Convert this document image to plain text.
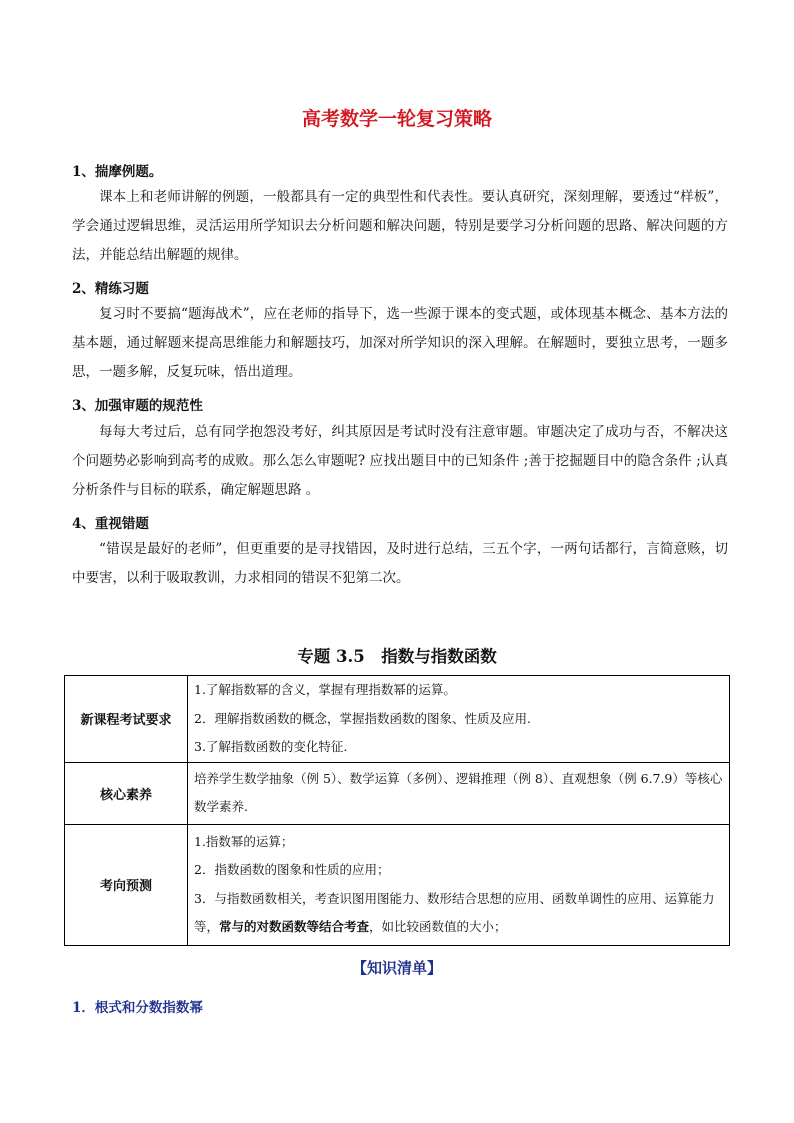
高考数学一轮复习策略
1、揣摩例题。
课本上和老师讲解的例题，一般都具有一定的典型性和代表性。要认真研究，深刻理解，要透过“样板”，学会通过逻辑思维，灵活运用所学知识去分析问题和解决问题，特别是要学习分析问题的思路、解决问题的方法，并能总结出解题的规律。
2、精练习题
复习时不要搞“题海战术”，应在老师的指导下，选一些源于课本的变式题，或体现基本概念、基本方法的基本题，通过解题来提高思维能力和解题技巧，加深对所学知识的深入理解。在解题时，要独立思考，一题多思，一题多解，反复玩味，悟出道理。
3、加强审题的规范性
每每大考过后，总有同学抱怨没考好，纠其原因是考试时没有注意审题。审题决定了成功与否，不解决这个问题势必影响到高考的成败。那么怎么审题呢? 应找出题目中的已知条件 ;善于挖掘题目中的隐含条件 ;认真分析条件与目标的联系，确定解题思路 。
4、重视错题
“错误是最好的老师”，但更重要的是寻找错因，及时进行总结，三五个字，一两句话都行，言简意赅，切中要害，以利于吸取教训，力求相同的错误不犯第二次。
专题 3.5　指数与指数函数
新课程考试要求	1.了解指数幂的含义，掌握有理指数幂的运算。
2．理解指数函数的概念，掌握指数函数的图象、性质及应用.
3.了解指数函数的变化特征.

核心素养	培养学生数学抽象（例 5）、数学运算（多例）、逻辑推理（例 8）、直观想象（例 6.7.9）等核心数学素养.

考向预测	1.指数幂的运算；
2．指数函数的图象和性质的应用；
3．与指数函数相关，考查识图用图能力、数形结合思想的应用、函数单调性的应用、运算能力等，常与的对数函数等结合考查，如比较函数值的大小；
【知识清单】
1．根式和分数指数幂
